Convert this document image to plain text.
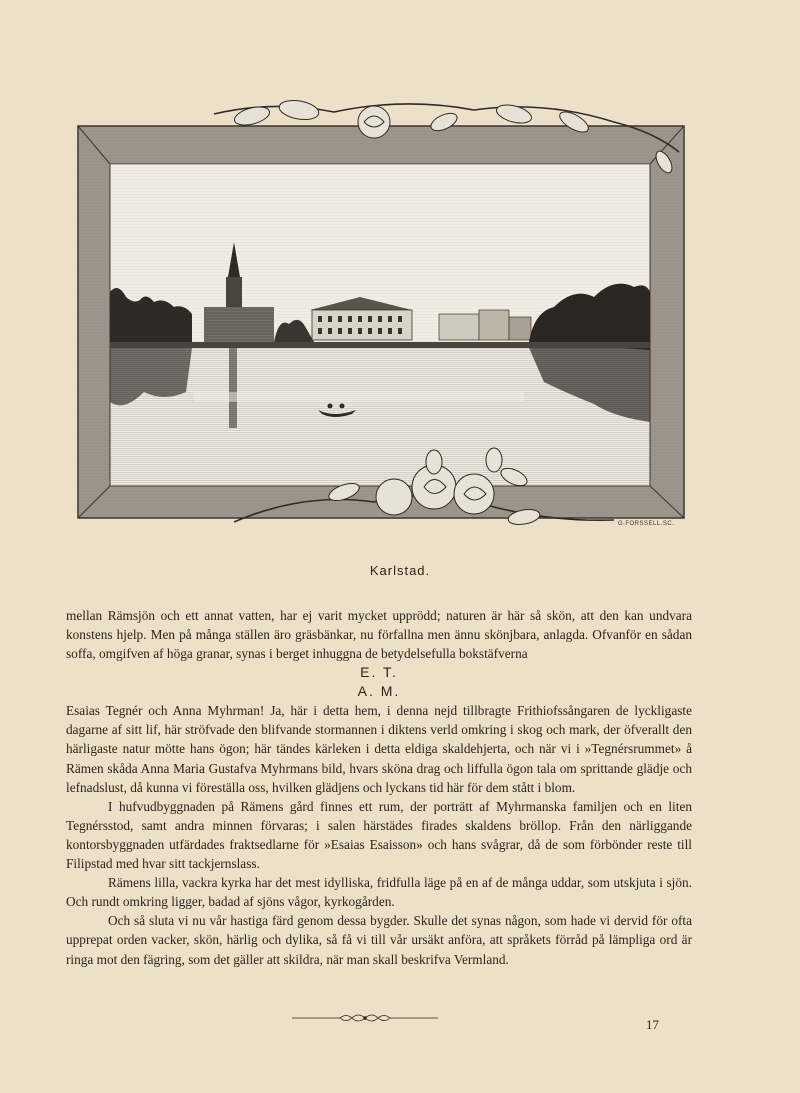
G.FORSSELL.SC.
Karlstad.

mellan Rämsjön och ett annat vatten, har ej varit mycket upprödd; naturen är här så skön, att den kan undvara konstens hjelp. Men på många ställen äro gräsbänkar, nu förfallna men ännu skönjbara, anlagda. Ofvanför en sådan soffa, omgifven af höga granar, synas i berget inhuggna de betydelsefulla bokstäfverna

E. T.
A. M.

Esaias Tegnér och Anna Myhrman! Ja, här i detta hem, i denna nejd tillbragte Frithiofssångaren de lyckligaste dagarne af sitt lif, här ströfvade den blifvande stormannen i diktens verld omkring i skog och mark, der öfverallt den härligaste natur mötte hans ögon; här tändes kärleken i detta eldiga skaldehjerta, och när vi i »Tegnérsrummet» å Rämen skåda Anna Maria Gustafva Myhrmans bild, hvars sköna drag och liffulla ögon tala om sprittande glädje och lefnadslust, då kunna vi föreställa oss, hvilken glädjens och lyckans tid här för dem stått i blom.

I hufvudbyggnaden på Rämens gård finnes ett rum, der porträtt af Myhrmanska familjen och en liten Tegnérsstod, samt andra minnen förvaras; i salen härstädes firades skaldens bröllop. Från den närliggande kontorsbyggnaden utfärdades fraktsedlarne för »Esaias Esaisson» och hans svågrar, då de som förbönder reste till Filipstad med hvar sitt tackjernslass.

Rämens lilla, vackra kyrka har det mest idylliska, fridfulla läge på en af de många uddar, som utskjuta i sjön. Och rundt omkring ligger, badad af sjöns vågor, kyrkogården.

Och så sluta vi nu vår hastiga färd genom dessa bygder. Skulle det synas någon, som hade vi dervid för ofta upprepat orden vacker, skön, härlig och dylika, så få vi till vår ursäkt anföra, att språkets förråd på lämpliga ord är ringa mot den fägring, som det gäller att skildra, när man skall beskrifva Vermland.

17
